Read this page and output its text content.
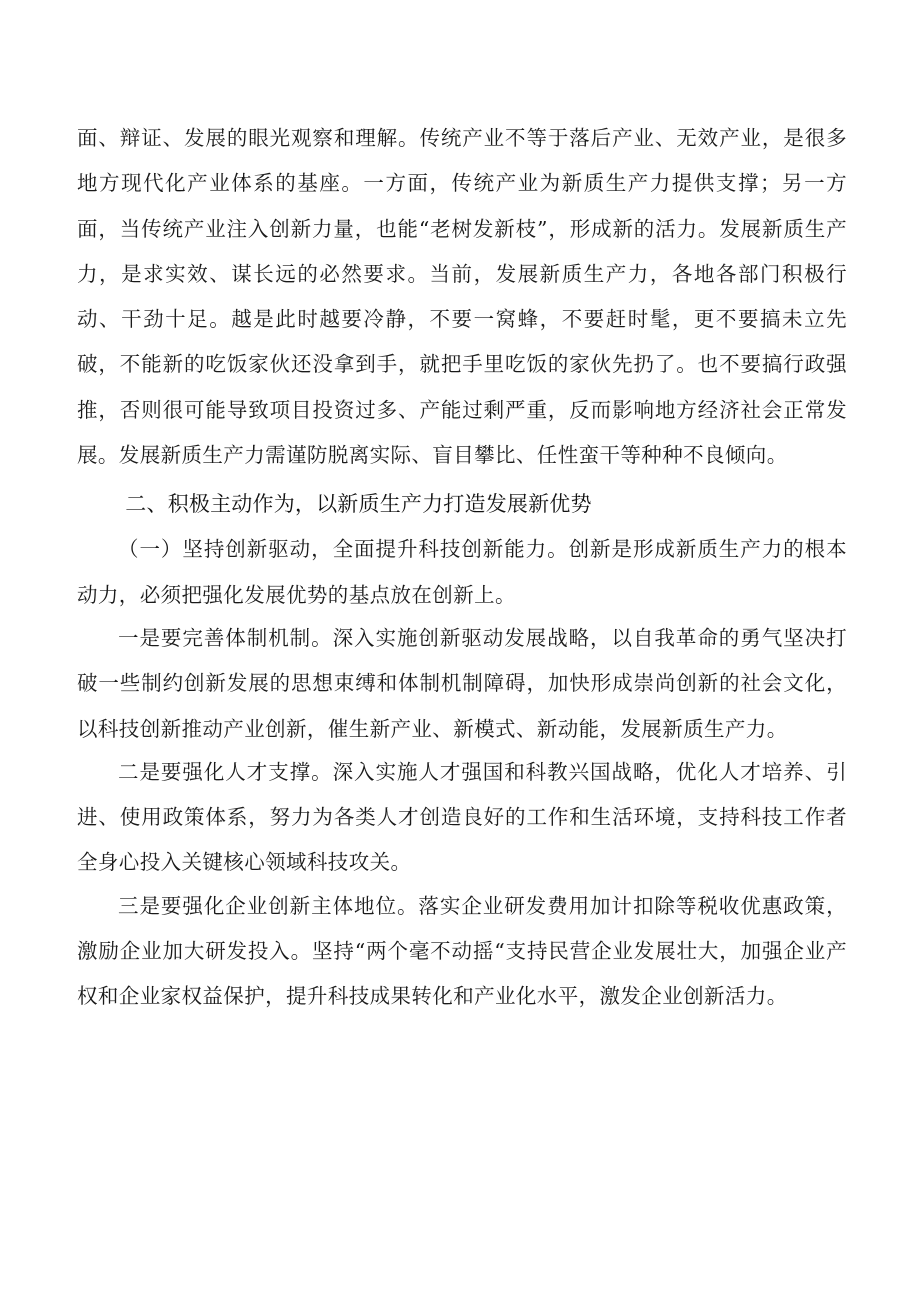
面、辩证、发展的眼光观察和理解。传统产业不等于落后产业、无效产业，是很多地方现代化产业体系的基座。一方面，传统产业为新质生产力提供支撑；另一方面，当传统产业注入创新力量，也能“老树发新枝”，形成新的活力。发展新质生产力，是求实效、谋长远的必然要求。当前，发展新质生产力，各地各部门积极行动、干劲十足。越是此时越要冷静，不要一窝蜂，不要赶时髦，更不要搞未立先破，不能新的吃饭家伙还没拿到手，就把手里吃饭的家伙先扔了。也不要搞行政强推，否则很可能导致项目投资过多、产能过剩严重，反而影响地方经济社会正常发展。发展新质生产力需谨防脱离实际、盲目攀比、任性蛮干等种种不良倾向。

二、积极主动作为，以新质生产力打造发展新优势

（一）坚持创新驱动，全面提升科技创新能力。创新是形成新质生产力的根本动力，必须把强化发展优势的基点放在创新上。

一是要完善体制机制。深入实施创新驱动发展战略，以自我革命的勇气坚决打破一些制约创新发展的思想束缚和体制机制障碍，加快形成崇尚创新的社会文化，以科技创新推动产业创新，催生新产业、新模式、新动能，发展新质生产力。

二是要强化人才支撑。深入实施人才强国和科教兴国战略，优化人才培养、引进、使用政策体系，努力为各类人才创造良好的工作和生活环境，支持科技工作者全身心投入关键核心领域科技攻关。

三是要强化企业创新主体地位。落实企业研发费用加计扣除等税收优惠政策，激励企业加大研发投入。坚持“两个毫不动摇“支持民营企业发展壮大，加强企业产权和企业家权益保护，提升科技成果转化和产业化水平，激发企业创新活力。
